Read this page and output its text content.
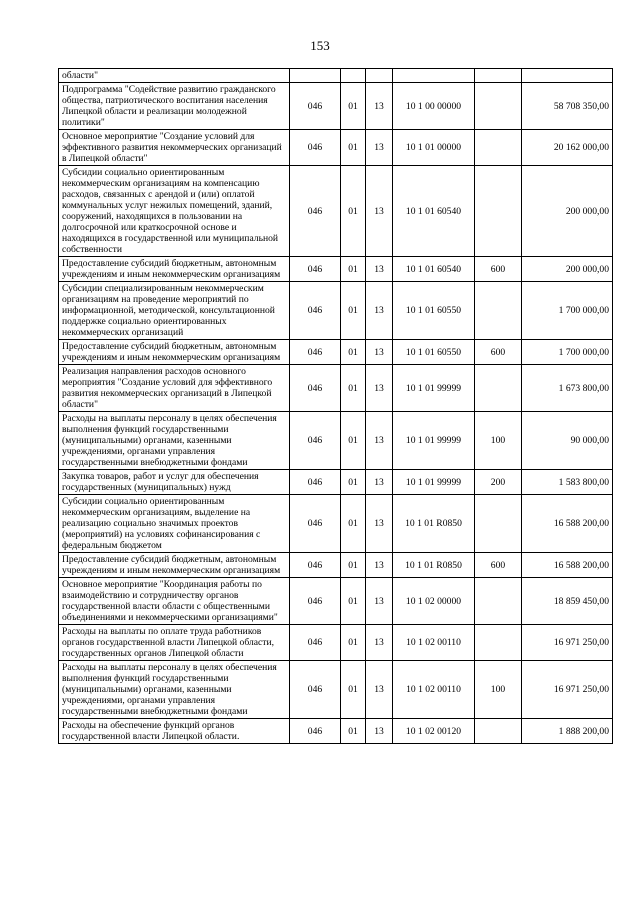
153
области"						
Подпрограмма "Содействие развитию гражданского общества, патриотического воспитания населения Липецкой области и реализации молодежной политики"	046	01	13	10 1 00 00000		58 708 350,00
Основное мероприятие "Создание условий для эффективного развития некоммерческих организаций в Липецкой области"	046	01	13	10 1 01 00000		20 162 000,00
Субсидии социально ориентированным некоммерческим организациям на компенсацию расходов, связанных с арендой и (или) оплатой коммунальных услуг нежилых помещений, зданий, сооружений, находящихся в пользовании на долгосрочной или краткосрочной основе и находящихся в государственной или муниципальной собственности	046	01	13	10 1 01 60540		200 000,00
Предоставление субсидий бюджетным, автономным учреждениям и иным некоммерческим организациям	046	01	13	10 1 01 60540	600	200 000,00
Субсидии специализированным некоммерческим организациям на проведение мероприятий по информационной, методической, консультационной поддержке социально ориентированных некоммерческих организаций	046	01	13	10 1 01 60550		1 700 000,00
Предоставление субсидий бюджетным, автономным учреждениям и иным некоммерческим организациям	046	01	13	10 1 01 60550	600	1 700 000,00
Реализация направления расходов основного мероприятия "Создание условий для эффективного развития некоммерческих организаций в Липецкой области"	046	01	13	10 1 01 99999		1 673 800,00
Расходы на выплаты персоналу в целях обеспечения выполнения функций государственными (муниципальными) органами, казенными учреждениями, органами управления государственными внебюджетными фондами	046	01	13	10 1 01 99999	100	90 000,00
Закупка товаров, работ и услуг для обеспечения государственных (муниципальных) нужд	046	01	13	10 1 01 99999	200	1 583 800,00
Субсидии социально ориентированным некоммерческим организациям, выделение на реализацию социально значимых проектов (мероприятий) на условиях софинансирования с федеральным бюджетом	046	01	13	10 1 01 R0850		16 588 200,00
Предоставление субсидий бюджетным, автономным учреждениям и иным некоммерческим организациям	046	01	13	10 1 01 R0850	600	16 588 200,00
Основное мероприятие "Координация работы по взаимодействию и сотрудничеству органов государственной власти области с общественными объединениями и некоммерческими организациями"	046	01	13	10 1 02 00000		18 859 450,00
Расходы на выплаты по оплате труда работников органов государственной власти Липецкой области, государственных органов Липецкой области	046	01	13	10 1 02 00110		16 971 250,00
Расходы на выплаты персоналу в целях обеспечения выполнения функций государственными (муниципальными) органами, казенными учреждениями, органами управления государственными внебюджетными фондами	046	01	13	10 1 02 00110	100	16 971 250,00
Расходы на обеспечение функций органов государственной власти Липецкой области.	046	01	13	10 1 02 00120		1 888 200,00
